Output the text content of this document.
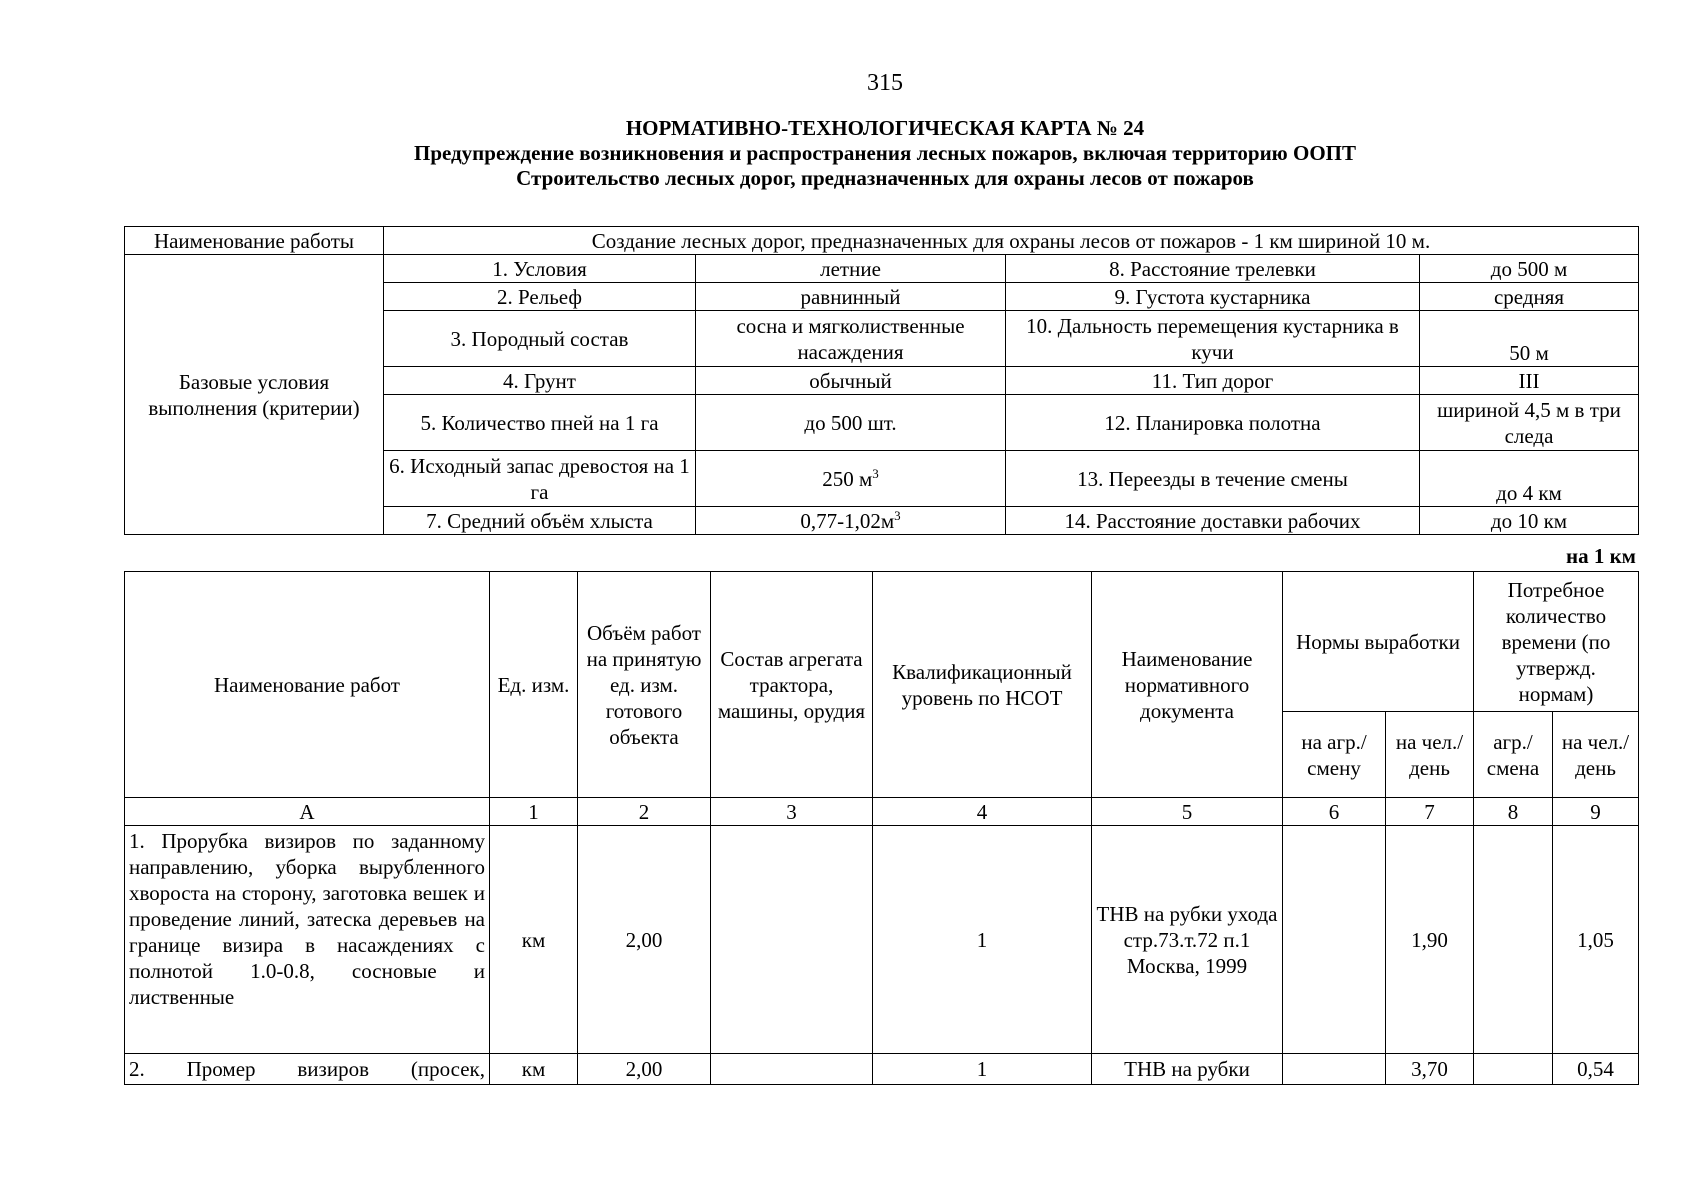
315
НОРМАТИВНО-ТЕХНОЛОГИЧЕСКАЯ КАРТА № 24
Предупреждение возникновения и распространения лесных пожаров, включая территорию ООПТ
Строительство лесных дорог, предназначенных для охраны лесов от пожаров
Наименование работы	Создание лесных дорог, предназначенных для охраны лесов от пожаров - 1 км шириной 10 м.			
Базовые условия выполнения (критерии)	1. Условия	летние	8. Расстояние трелевки	до 500 м
	2. Рельеф	равнинный	9. Густота кустарника	средняя
	3. Породный состав	сосна и мягколиственные насаждения	10. Дальность перемещения кустарника в кучи	50 м
	4. Грунт	обычный	11. Тип дорог	III
	5. Количество пней на 1 га	до 500 шт.	12. Планировка полотна	шириной 4,5 м в три следа
	6. Исходный запас древостоя на 1 га	250 $м^3$	13. Переезды в течение смены	до 4 км
	7. Средний объём хлыста	$0,77-1,02м^3$	14. Расстояние доставки рабочих	до 10 км
на 1 км
Наименование работ	Ед. изм.	Объём работ на принятую ед. изм. готового объекта	Состав агрегата трактора, машины, орудия	Квалификационный уровень по НСОТ	Наименование нормативного документа	Нормы выработки		Потребное количество времени (по утвержд. нормам)	
						на агр./ смену	на чел./ день	агр./ смена	на чел./ день
А	1	2	3	4	5	6	7	8	9
1. Прорубка визиров по заданному направлению, уборка вырубленного хвороста на сторону, заготовка вешек и проведение линий, затеска деревьев на границе визира в насаждениях с полнотой 1.0-0.8, сосновые и лиственные	км	2,00		1	ТНВ на рубки ухода стр.73.т.72 п.1 Москва, 1999		1,90		1,05
2. Промер визиров (просек,	км	2,00		1	ТНВ на рубки		3,70		0,54
